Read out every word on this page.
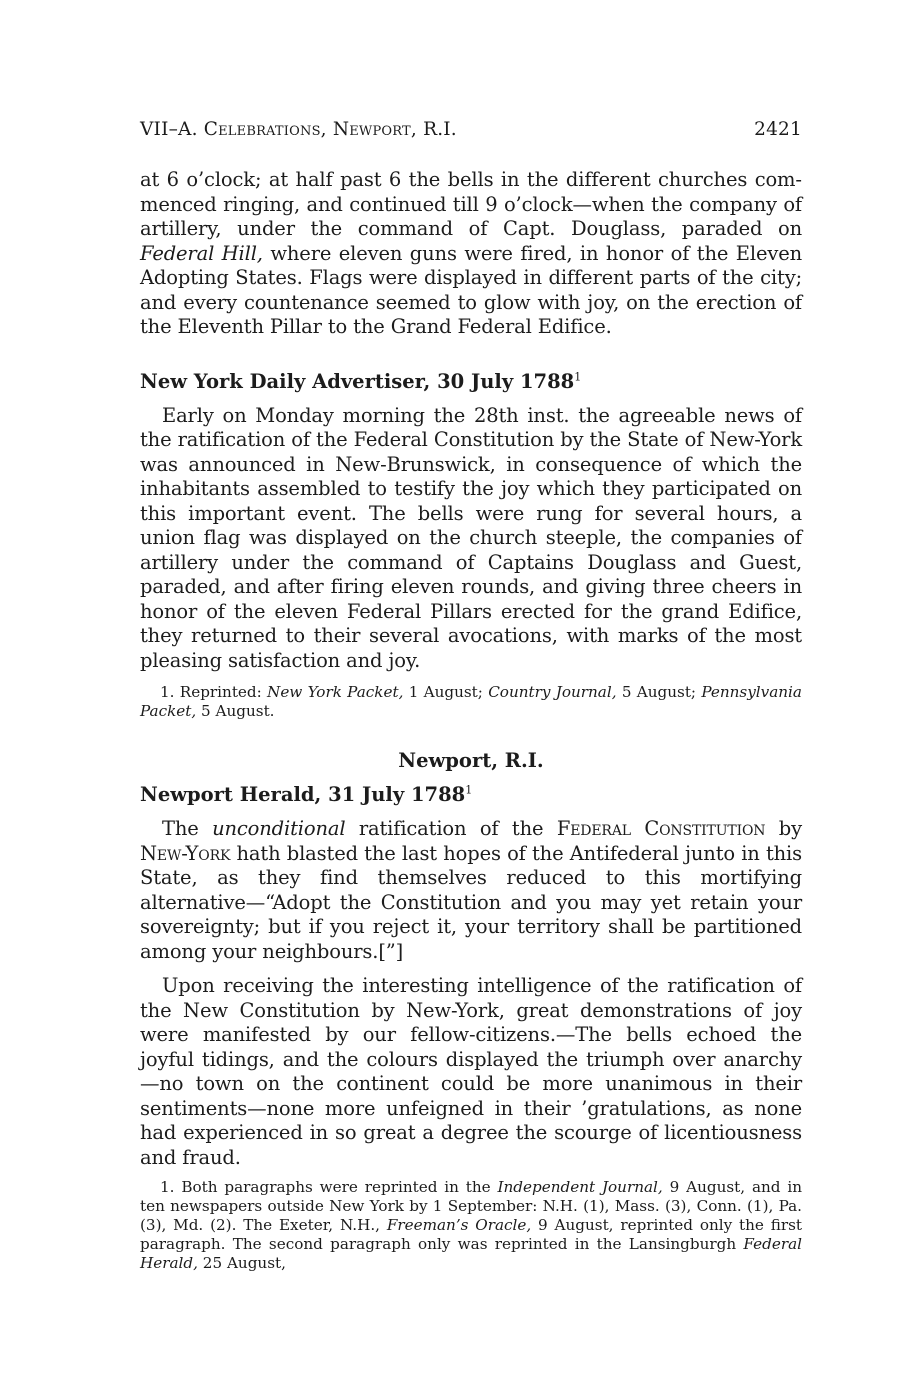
VII–A. Celebrations, Newport, R.I.	2421

at 6 o’clock; at half past 6 the bells in the different churches commenced ringing, and continued till 9 o’clock—when the company of artillery, under the command of Capt. Douglass, paraded on Federal Hill, where eleven guns were fired, in honor of the Eleven Adopting States. Flags were displayed in different parts of the city; and every countenance seemed to glow with joy, on the erection of the Eleventh Pillar to the Grand Federal Edifice.

New York Daily Advertiser, 30 July 1788$^1$

Early on Monday morning the 28th inst. the agreeable news of the ratification of the Federal Constitution by the State of New-York was announced in New-Brunswick, in consequence of which the inhabitants assembled to testify the joy which they participated on this important event. The bells were rung for several hours, a union flag was displayed on the church steeple, the companies of artillery under the command of Captains Douglass and Guest, paraded, and after firing eleven rounds, and giving three cheers in honor of the eleven Federal Pillars erected for the grand Edifice, they returned to their several avocations, with marks of the most pleasing satisfaction and joy.

1. Reprinted: New York Packet, 1 August; Country Journal, 5 August; Pennsylvania Packet, 5 August.

Newport, R.I.
Newport Herald, 31 July 1788$^1$

The unconditional ratification of the Federal Constitution by New-York hath blasted the last hopes of the Antifederal junto in this State, as they find themselves reduced to this mortifying alternative—“Adopt the Constitution and you may yet retain your sovereignty; but if you reject it, your territory shall be partitioned among your neighbours.[”]

Upon receiving the interesting intelligence of the ratification of the New Constitution by New-York, great demonstrations of joy were manifested by our fellow-citizens.—The bells echoed the joyful tidings, and the colours displayed the triumph over anarchy—no town on the continent could be more unanimous in their sentiments—none more unfeigned in their ’gratulations, as none had experienced in so great a degree the scourge of licentiousness and fraud.

1. Both paragraphs were reprinted in the Independent Journal, 9 August, and in ten newspapers outside New York by 1 September: N.H. (1), Mass. (3), Conn. (1), Pa. (3), Md. (2). The Exeter, N.H., Freeman’s Oracle, 9 August, reprinted only the first paragraph. The second paragraph only was reprinted in the Lansingburgh Federal Herald, 25 August,
